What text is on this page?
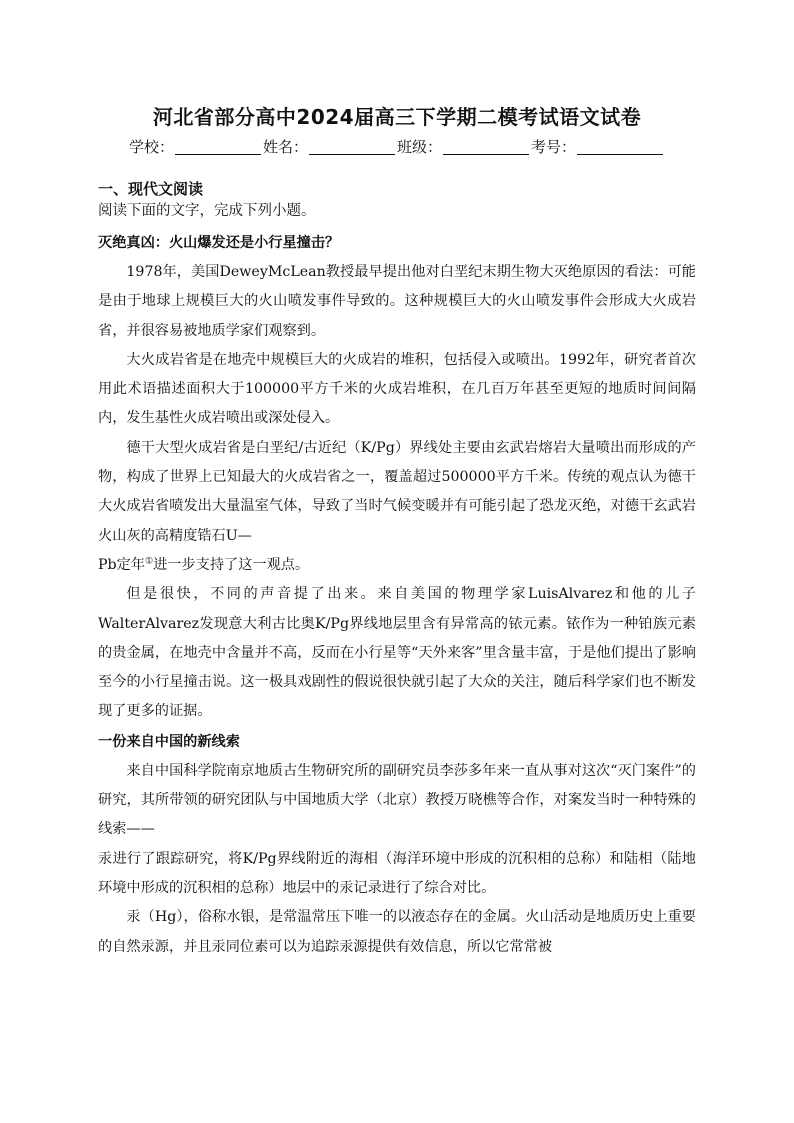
河北省部分高中2024届高三下学期二模考试语文试卷
学校：	姓名：	班级：	考号：

一、现代文阅读

阅读下面的文字，完成下列小题。

灭绝真凶：火山爆发还是小行星撞击？

1978年，美国DeweyMcLean教授最早提出他对白垩纪末期生物大灭绝原因的看法：可能是由于地球上规模巨大的火山喷发事件导致的。这种规模巨大的火山喷发事件会形成大火成岩省，并很容易被地质学家们观察到。

大火成岩省是在地壳中规模巨大的火成岩的堆积，包括侵入或喷出。1992年，研究者首次用此术语描述面积大于100000平方千米的火成岩堆积，在几百万年甚至更短的地质时间间隔内，发生基性火成岩喷出或深处侵入。

德干大型火成岩省是白垩纪/古近纪（K/Pg）界线处主要由玄武岩熔岩大量喷出而形成的产物，构成了世界上已知最大的火成岩省之一，覆盖超过500000平方千米。传统的观点认为德干大火成岩省喷发出大量温室气体，导致了当时气候变暖并有可能引起了恐龙灭绝，对德干玄武岩火山灰的高精度锆石U—

Pb定年①进一步支持了这一观点。

但是很快，不同的声音提了出来。来自美国的物理学家LuisAlvarez和他的儿子WalterAlvarez发现意大利古比奥K/Pg界线地层里含有异常高的铱元素。铱作为一种铂族元素的贵金属，在地壳中含量并不高，反而在小行星等“天外来客”里含量丰富，于是他们提出了影响至今的小行星撞击说。这一极具戏剧性的假说很快就引起了大众的关注，随后科学家们也不断发现了更多的证据。

一份来自中国的新线索

来自中国科学院南京地质古生物研究所的副研究员李莎多年来一直从事对这次“灭门案件”的研究，其所带领的研究团队与中国地质大学（北京）教授万晓樵等合作，对案发当时一种特殊的线索——

汞进行了跟踪研究，将K/Pg界线附近的海相（海洋环境中形成的沉积相的总称）和陆相（陆地环境中形成的沉积相的总称）地层中的汞记录进行了综合对比。

汞（Hg），俗称水银，是常温常压下唯一的以液态存在的金属。火山活动是地质历史上重要的自然汞源，并且汞同位素可以为追踪汞源提供有效信息，所以它常常被
